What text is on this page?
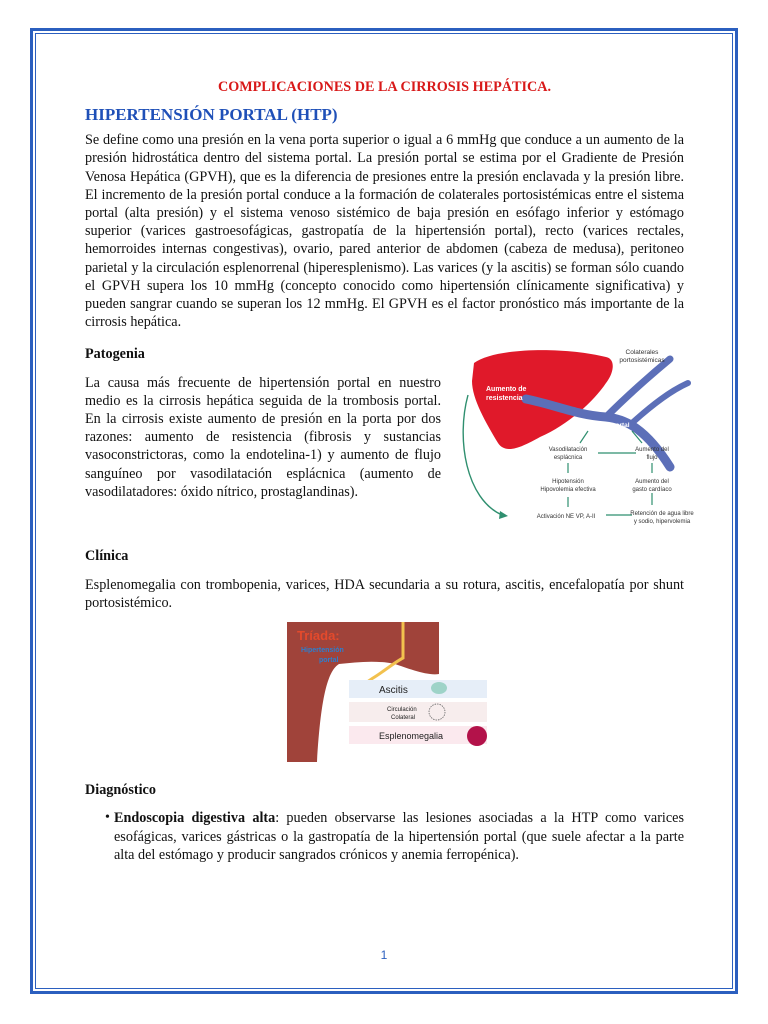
COMPLICACIONES DE LA CIRROSIS HEPÁTICA.
HIPERTENSIÓN PORTAL (HTP)

Se define como una presión en la vena porta superior o igual a 6 mmHg que conduce a un aumento de la presión hidrostática dentro del sistema portal. La presión portal se estima por el Gradiente de Presión Venosa Hepática (GPVH), que es la diferencia de presiones entre la presión enclavada y la presión libre. El incremento de la presión portal conduce a la formación de colaterales portosistémicas entre el sistema portal (alta presión) y el sistema venoso sistémico de baja presión en esófago inferior y estómago superior (varices gastroesofágicas, gastropatía de la hipertensión portal), recto (varices rectales, hemorroides internas congestivas), ovario, pared anterior de abdomen (cabeza de medusa), peritoneo parietal y la circulación esplenorrenal (hiperesplenismo). Las varices (y la ascitis) se forman sólo cuando el GPVH supera los 10 mmHg (concepto conocido como hipertensión clínicamente significativa) y pueden sangrar cuando se superan los 12 mmHg. El GPVH es el factor pronóstico más importante de la cirrosis hepática.

Patogenia

La causa más frecuente de hipertensión portal en nuestro medio es la cirrosis hepática seguida de la trombosis portal. En la cirrosis existe aumento de presión en la porta por dos razones: aumento de resistencia (fibrosis y sustancias vasoconstrictoras, como la endotelina-1) y aumento de flujo sanguíneo por vasodilatación esplácnica (aumento de vasodilatadores: óxido nítrico, prostaglandinas).

Colaterales
portosistémicas
Aumento de
resistencia
Hipertensión portal
Vasodilatación
esplácnica
Aumento del
flujo
Hipotensión
Hipovolemia efectiva
Aumento del
gasto cardíaco
Activación NE VP, A-II	Retención de agua libre
y sodio, hipervolemia

Clínica

Esplenomegalia con trombopenia, varices, HDA secundaria a su rotura, ascitis, encefalopatía por shunt portosistémico.

Tríada:
Hipertensión
portal
Ascitis
Circulación
Colateral
Esplenomegalia

Diagnóstico

• Endoscopia digestiva alta: pueden observarse las lesiones asociadas a la HTP como varices esofágicas, varices gástricas o la gastropatía de la hipertensión portal (que suele afectar a la parte alta del estómago y producir sangrados crónicos y anemia ferropénica).

1
